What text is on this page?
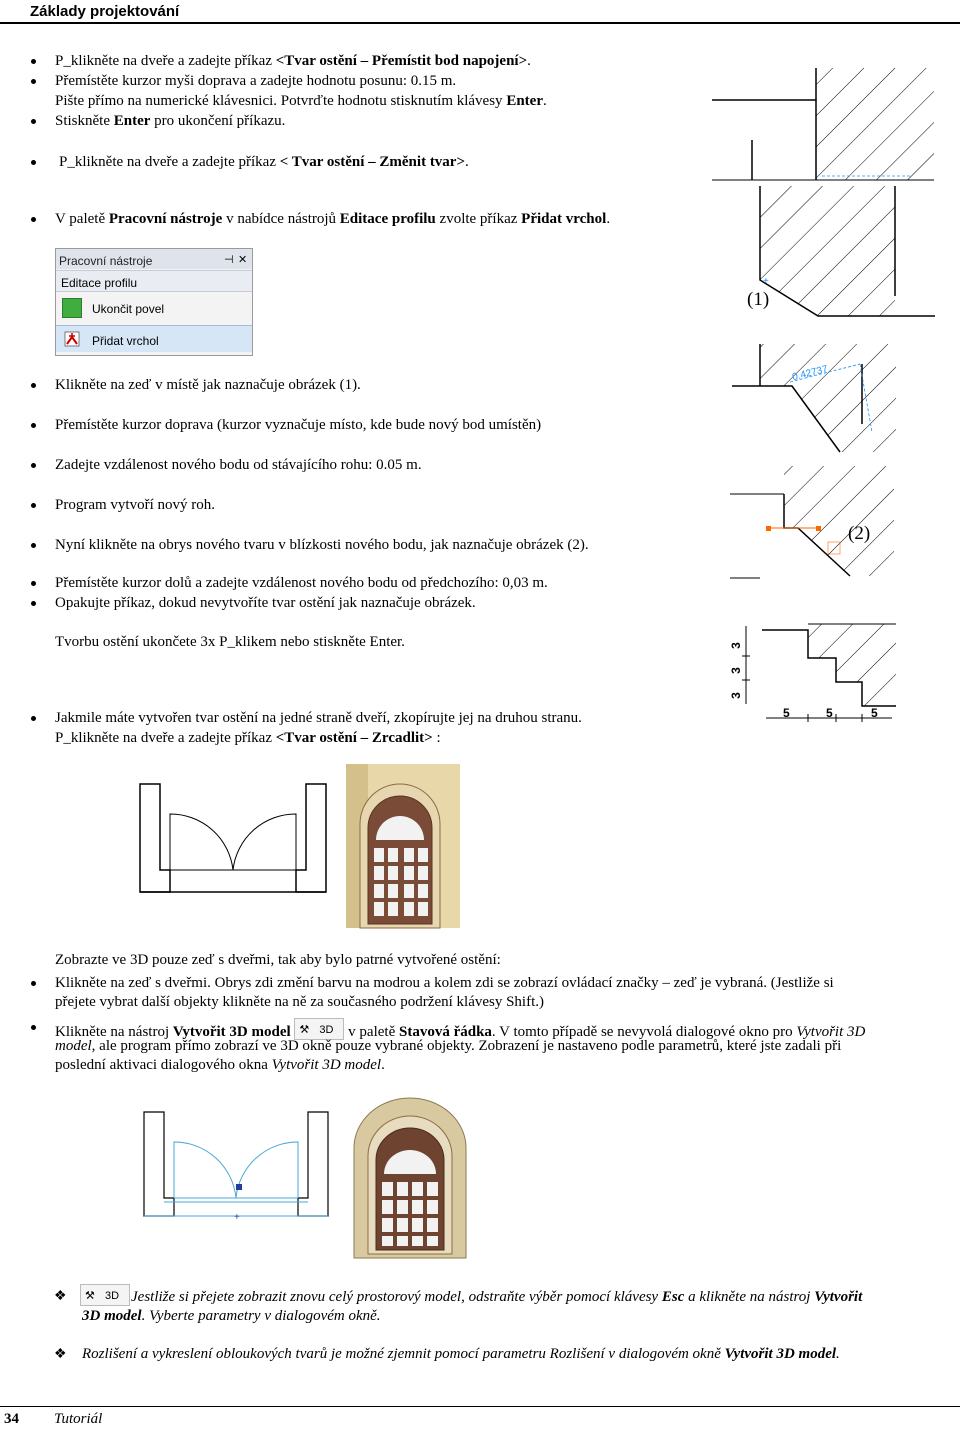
Základy projektování
P_klikněte na dveře a zadejte příkaz <Tvar ostění – Přemístit bod napojení>.
Přemístěte kurzor myši doprava a zadejte hodnotu posunu: 0.15 m.
Pište přímo na numerické klávesnici. Potvrďte hodnotu stisknutím klávesy Enter.
Stiskněte Enter pro ukončení příkazu.
P_klikněte na dveře a zadejte příkaz < Tvar ostění – Změnit tvar>.
V paletě Pracovní nástroje v nabídce nástrojů Editace profilu zvolte příkaz Přidat vrchol.
Pracovní nástroje	⊣ ✕
Editace profilu
Ukončit povel
Přidat vrchol
+
(1)
0.42737
(2)
3
3
3
5	5	5
Klikněte na zeď v místě jak naznačuje obrázek (1).
Přemístěte kurzor doprava (kurzor vyznačuje místo, kde bude nový bod umístěn)
Zadejte vzdálenost nového bodu od stávajícího rohu: 0.05 m.
Program vytvoří nový roh.
Nyní klikněte na obrys nového tvaru v blízkosti nového bodu, jak naznačuje obrázek (2).
Přemístěte kurzor dolů a zadejte vzdálenost nového bodu od předchozího: 0,03 m.
Opakujte příkaz, dokud nevytvoříte tvar ostění jak naznačuje obrázek.
Tvorbu ostění ukončete 3x P_klikem nebo stiskněte Enter.
Jakmile máte vytvořen tvar ostění na jedné straně dveří, zkopírujte jej na druhou stranu.
P_klikněte na dveře a zadejte příkaz <Tvar ostění – Zrcadlit> :
Zobrazte ve 3D pouze zeď s dveřmi, tak aby bylo patrné vytvořené ostění:
Klikněte na zeď s dveřmi. Obrys zdi změní barvu na modrou a kolem zdi se zobrazí ovládací značky – zeď je vybraná. (Jestliže si
přejete vybrat další objekty klikněte na ně za současného podržení klávesy Shift.)
Klikněte na nástroj Vytvořit 3D model ⚒ 3D v paletě Stavová řádka. V tomto případě se nevyvolá dialogové okno pro Vytvořit 3D
model, ale program přímo zobrazí ve 3D okně pouze vybrané objekty. Zobrazení je nastaveno podle parametrů, které jste zadali při
poslední aktivaci dialogového okna Vytvořit 3D model.
+
❖ ⚒ 3D Jestliže si přejete zobrazit znovu celý prostorový model, odstraňte výběr pomocí klávesy Esc a klikněte na nástroj Vytvořit
3D model. Vyberte parametry v dialogovém okně.
❖ Rozlišení a vykreslení obloukových tvarů je možné zjemnit pomocí parametru Rozlišení v dialogovém okně Vytvořit 3D model.
34 Tutoriál
